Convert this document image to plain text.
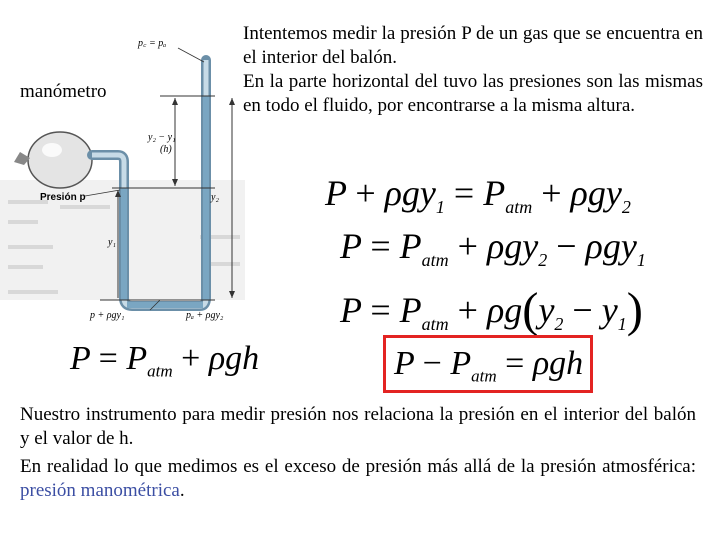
p꜀ = pₐ
y₂ − y₁
(h)
y₂
y₁
Presión p
p + ρgy₁	pₐ + ρgy₂
manómetro
Intentemos medir la presión P de un gas que se encuentra en el interior del balón.
En la parte horizontal del tuvo las presiones son las mismas en todo el fluido, por encontrarse a la misma altura.
$P + \rho gy_1 = P_{atm} + \rho gy_2$
$P = P_{atm} + \rho gy_2 - \rho gy_1$
$P = P_{atm} + \rho g(y_2 - y_1)$
$P = P_{atm} + \rho gh$	$P - P_{atm} = \rho gh$
Nuestro instrumento para medir presión nos relaciona la presión en el interior del balón y el valor de h.
En realidad lo que medimos es el exceso de presión más allá de la presión atmosférica: presión manométrica.
